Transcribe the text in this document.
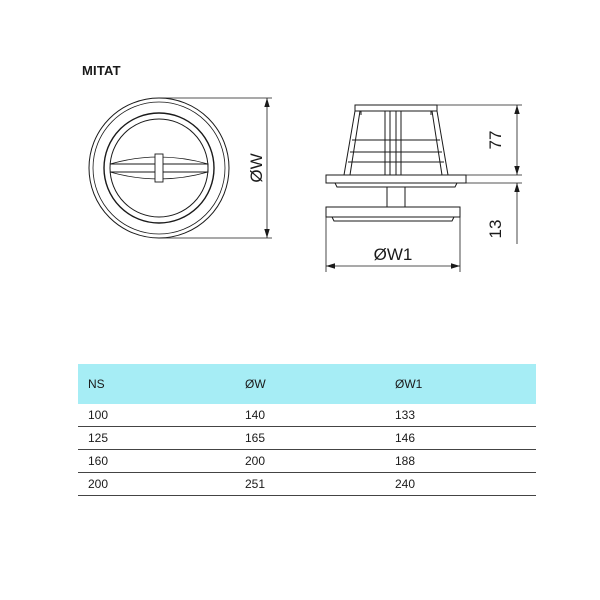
MITAT
ØW
77
13
ØW1
NS	ØW	ØW1
100	140	133
125	165	146
160	200	188
200	251	240
